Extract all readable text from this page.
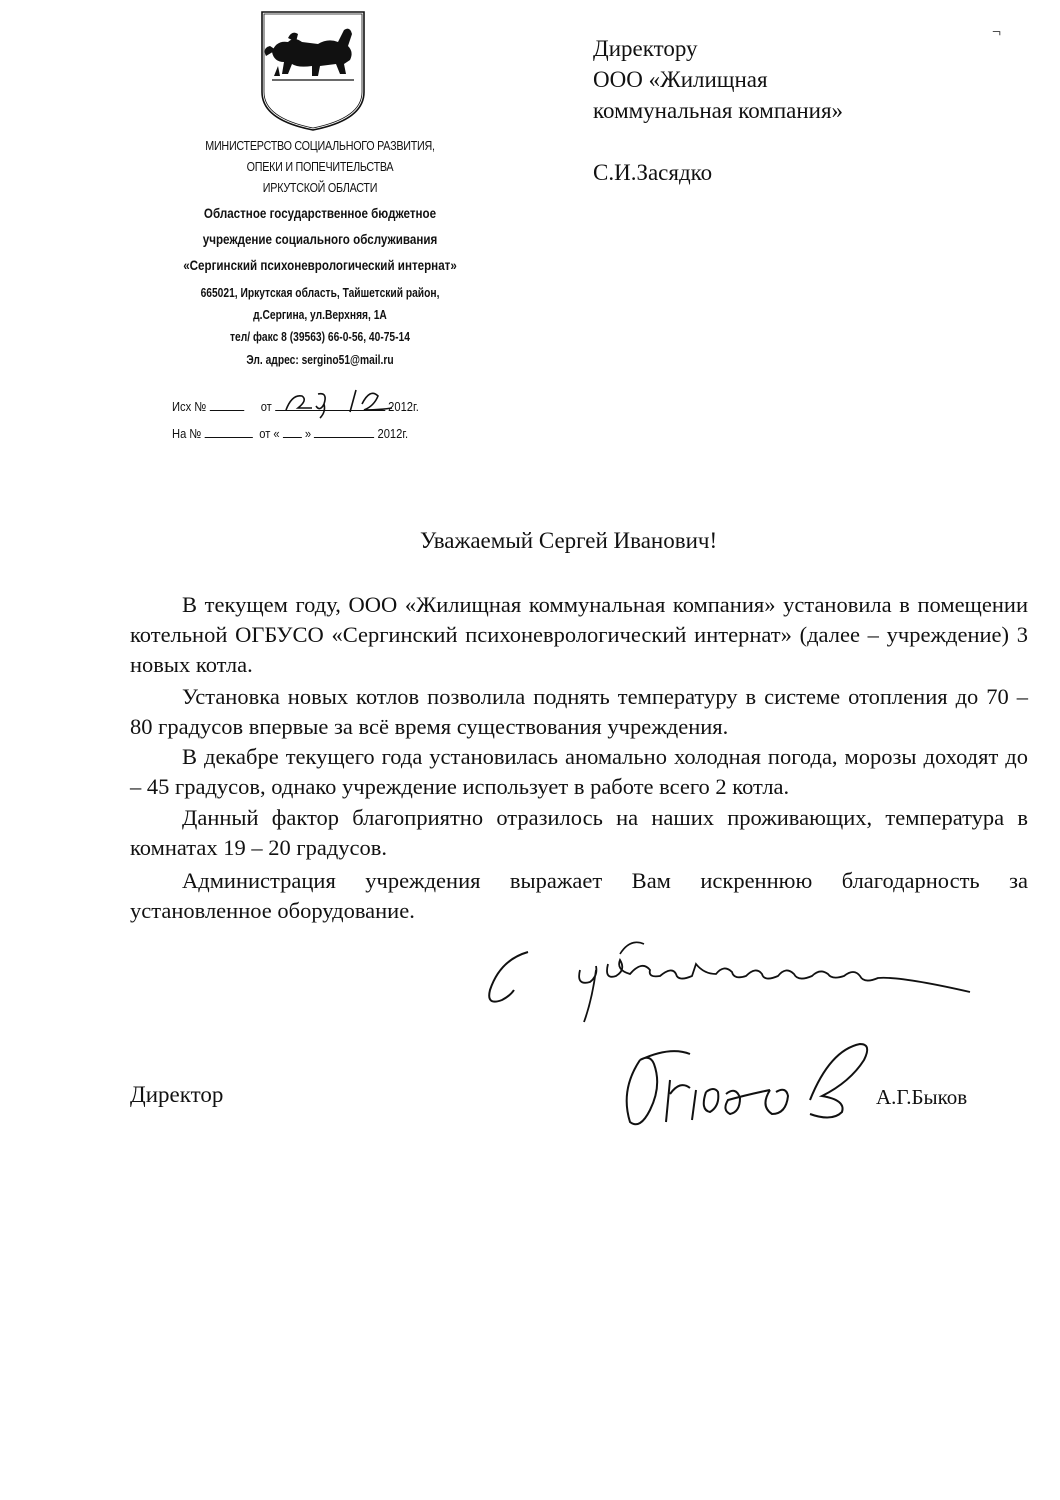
¬
МИНИСТЕРСТВО СОЦИАЛЬНОГО РАЗВИТИЯ,
ОПЕКИ И ПОПЕЧИТЕЛЬСТВА
ИРКУТСКОЙ ОБЛАСТИ
Областное государственное бюджетное
учреждение социального обслуживания
«Сергинский психоневрологический интернат»
665021, Иркутская область, Тайшетский район,
д.Сергина, ул.Верхняя, 1А
тел/ факс 8 (39563) 66-0-56, 40-75-14
Эл. адрес: sergino51@mail.ru
Исх №	от	2012г.
На №	от « »	2012г.
Директору
ООО «Жилищная
коммунальная компания»
С.И.Засядко
Уважаемый Сергей Иванович!

В текущем году, ООО «Жилищная коммунальная компания» установила в помещении котельной ОГБУСО «Сергинский психоневрологический интернат» (далее – учреждение) 3 новых котла.

Установка новых котлов позволила поднять температуру в системе отопления до 70 – 80 градусов впервые за всё время существования учреждения.

В декабре текущего года установилась аномально холодная погода, морозы доходят до – 45 градусов, однако учреждение использует в работе всего 2 котла.

Данный фактор благоприятно отразилось на наших проживающих, температура в комнатах 19 – 20 градусов.

Администрация учреждения выражает Вам искреннюю благодарность за установленное оборудование.

Директор	А.Г.Быков
